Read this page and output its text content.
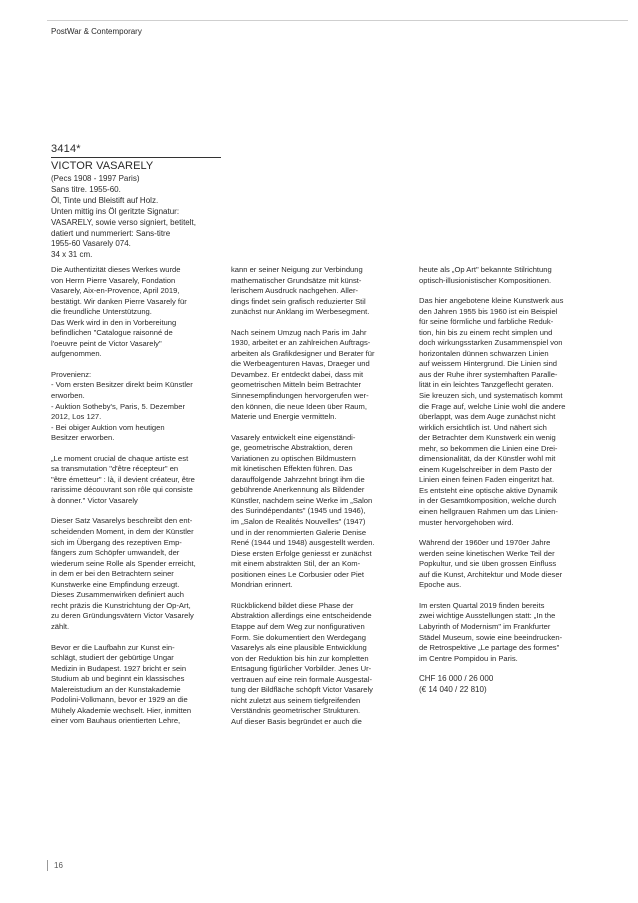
PostWar & Contemporary
3414*
VICTOR VASARELY
(Pecs 1908 - 1997 Paris)
Sans titre. 1955-60.
Öl, Tinte und Bleistift auf Holz.
Unten mittig ins Öl geritzte Signatur:
VASARELY, sowie verso signiert, betitelt,
datiert und nummeriert: Sans-titre
1955-60 Vasarely 074.
34 x 31 cm.
Die Authentizität dieses Werkes wurde
von Herrn Pierre Vasarely, Fondation
Vasarely, Aix-en-Provence, April 2019,
bestätigt. Wir danken Pierre Vasarely für
die freundliche Unterstützung.
Das Werk wird in den in Vorbereitung
befindlichen "Catalogue raisonné de
l'oeuvre peint de Victor Vasarely"
aufgenommen.
Provenienz:
- Vom ersten Besitzer direkt beim Künstler
erworben.
- Auktion Sotheby's, Paris, 5. Dezember
2012, Los 127.
- Bei obiger Auktion vom heutigen
Besitzer erworben.
„Le moment crucial de chaque artiste est
sa transmutation "d'être récepteur" en
"être émetteur" : là, il devient créateur, être
rarissime découvrant son rôle qui consiste
à donner." Victor Vasarely
Dieser Satz Vasarelys beschreibt den ent-
scheidenden Moment, in dem der Künstler
sich im Übergang des rezeptiven Emp-
fängers zum Schöpfer umwandelt, der
wiederum seine Rolle als Spender erreicht,
in dem er bei den Betrachtern seiner
Kunstwerke eine Empfindung erzeugt.
Dieses Zusammenwirken definiert auch
recht präzis die Kunstrichtung der Op-Art,
zu deren Gründungsvätern Victor Vasarely
zählt.
Bevor er die Laufbahn zur Kunst ein-
schlägt, studiert der gebürtige Ungar
Medizin in Budapest. 1927 bricht er sein
Studium ab und beginnt ein klassisches
Malereistudium an der Kunstakademie
Podolini-Volkmann, bevor er 1929 an die
Mühely Akademie wechselt. Hier, inmitten
einer vom Bauhaus orientierten Lehre,
kann er seiner Neigung zur Verbindung
mathematischer Grundsätze mit künst-
lerischem Ausdruck nachgehen. Aller-
dings findet sein grafisch reduzierter Stil
zunächst nur Anklang im Werbesegment.
Nach seinem Umzug nach Paris im Jahr
1930, arbeitet er an zahlreichen Auftrags-
arbeiten als Grafikdesigner und Berater für
die Werbeagenturen Havas, Draeger und
Devambez. Er entdeckt dabei, dass mit
geometrischen Mitteln beim Betrachter
Sinnesempfindungen hervorgerufen wer-
den können, die neue Ideen über Raum,
Materie und Energie vermitteln.
Vasarely entwickelt eine eigenständi-
ge, geometrische Abstraktion, deren
Variationen zu optischen Bildmustern
mit kinetischen Effekten führen. Das
darauffolgende Jahrzehnt bringt ihm die
gebührende Anerkennung als Bildender
Künstler, nachdem seine Werke im „Salon
des Surindépendants" (1945 und 1946),
im „Salon de Realités Nouvelles" (1947)
und in der renommierten Galerie Denise
René (1944 und 1948) ausgestellt werden.
Diese ersten Erfolge geniesst er zunächst
mit einem abstrakten Stil, der an Kom-
positionen eines Le Corbusier oder Piet
Mondrian erinnert.
Rückblickend bildet diese Phase der
Abstraktion allerdings eine entscheidende
Etappe auf dem Weg zur nonfigurativen
Form. Sie dokumentiert den Werdegang
Vasarelys als eine plausible Entwicklung
von der Reduktion bis hin zur kompletten
Entsagung figürlicher Vorbilder. Jenes Ur-
vertrauen auf eine rein formale Ausgestal-
tung der Bildfläche schöpft Victor Vasarely
nicht zuletzt aus seinem tiefgreifenden
Verständnis geometrischer Strukturen.
Auf dieser Basis begründet er auch die
heute als „Op Art" bekannte Stilrichtung
optisch-illusionistischer Kompositionen.
Das hier angebotene kleine Kunstwerk aus
den Jahren 1955 bis 1960 ist ein Beispiel
für seine förmliche und farbliche Reduk-
tion, hin bis zu einem recht simplen und
doch wirkungsstarken Zusammenspiel von
horizontalen dünnen schwarzen Linien
auf weissem Hintergrund. Die Linien sind
aus der Ruhe ihrer systemhaften Paralle-
lität in ein leichtes Tanzgeflecht geraten.
Sie kreuzen sich, und systematisch kommt
die Frage auf, welche Linie wohl die andere
überlappt, was dem Auge zunächst nicht
wirklich ersichtlich ist. Und nähert sich
der Betrachter dem Kunstwerk ein wenig
mehr, so bekommen die Linien eine Drei-
dimensionalität, da der Künstler wohl mit
einem Kugelschreiber in dem Pasto der
Linien einen feinen Faden eingeritzt hat.
Es entsteht eine optische aktive Dynamik
in der Gesamtkomposition, welche durch
einen hellgrauen Rahmen um das Linien-
muster hervorgehoben wird.
Während der 1960er und 1970er Jahre
werden seine kinetischen Werke Teil der
Popkultur, und sie üben grossen Einfluss
auf die Kunst, Architektur und Mode dieser
Epoche aus.
Im ersten Quartal 2019 finden bereits
zwei wichtige Ausstellungen statt: „In the
Labyrinth of Modernism" im Frankfurter
Städel Museum, sowie eine beeindrucken-
de Retrospektive „Le partage des formes"
im Centre Pompidou in Paris.
CHF 16 000 / 26 000
(€ 14 040 / 22 810)
16
